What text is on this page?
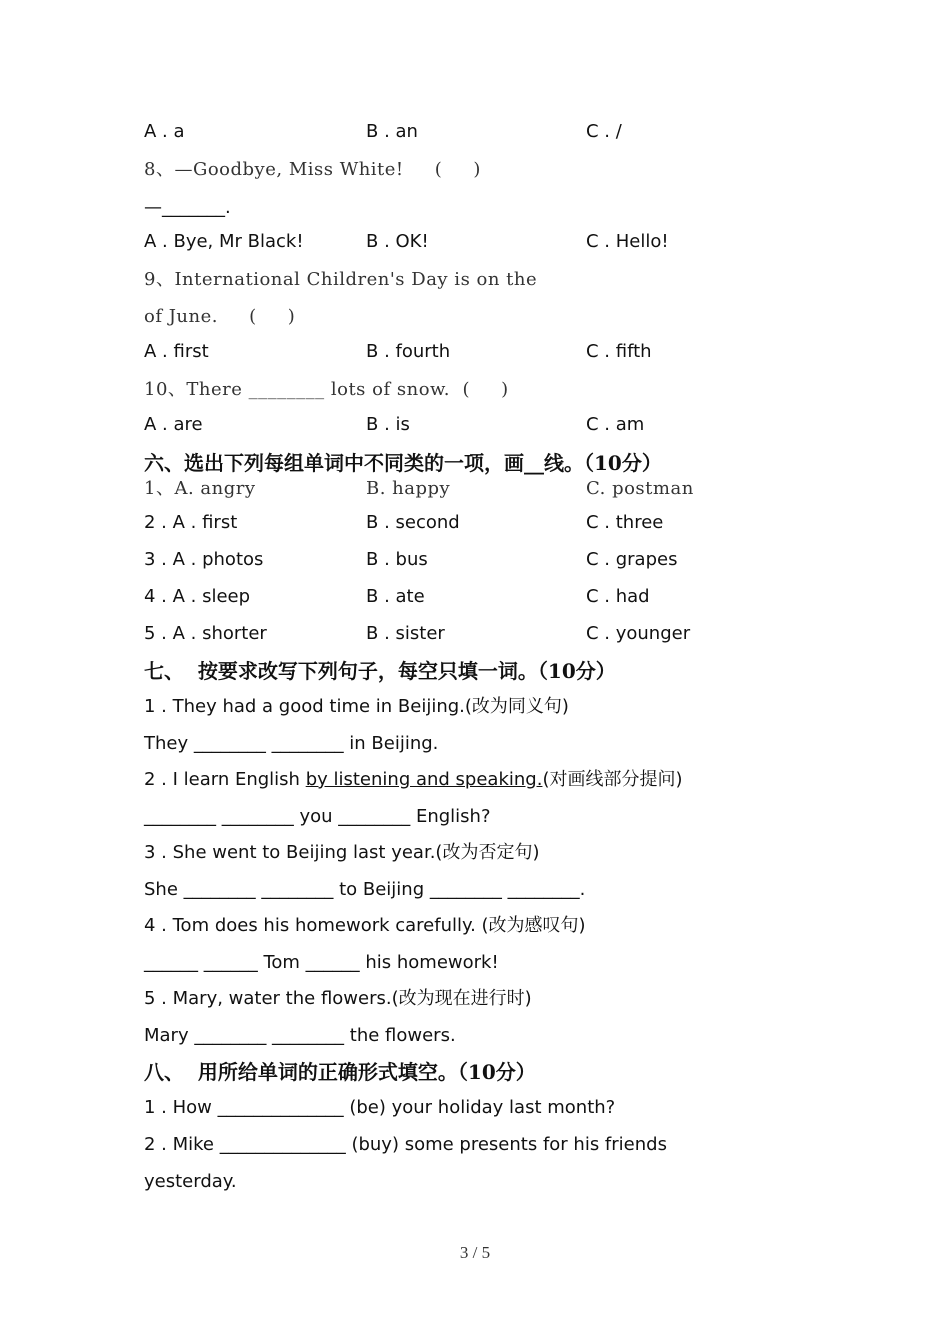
A . a	B . an	C . /
8、—Goodbye, Miss White!     (     )
—_______.
A . Bye, Mr Black!	B . OK!	C . Hello!
9、International Children's Day is on the
of June.     (     )
A . first	B . fourth	C . fifth
10、There ________ lots of snow.  (     )
A . are	B . is	C . am
六、选出下列每组单词中不同类的一项，画__线。（10分）
1、A. angry	B. happy	C. postman
2 . A . first	B . second	C . three
3 . A . photos	B . bus	C . grapes
4 . A . sleep	B . ate	C . had
5 . A . shorter	B . sister	C . younger
七、  按要求改写下列句子，每空只填一词。（10分）
1 . They had a good time in Beijing.(改为同义句)
They ________ ________ in Beijing.
2 . I learn English by listening and speaking.(对画线部分提问)
________ ________ you ________ English?
3 . She went to Beijing last year.(改为否定句)
She ________ ________ to Beijing ________ ________.
4 . Tom does his homework carefully. (改为感叹句)
______ ______ Tom ______ his homework!
5 . Mary, water the flowers.(改为现在进行时)
Mary ________ ________ the flowers.
八、  用所给单词的正确形式填空。（10分）
1 . How ______________ (be) your holiday last month?
2 . Mike ______________ (buy) some presents for his friends
yesterday.
3 / 5
